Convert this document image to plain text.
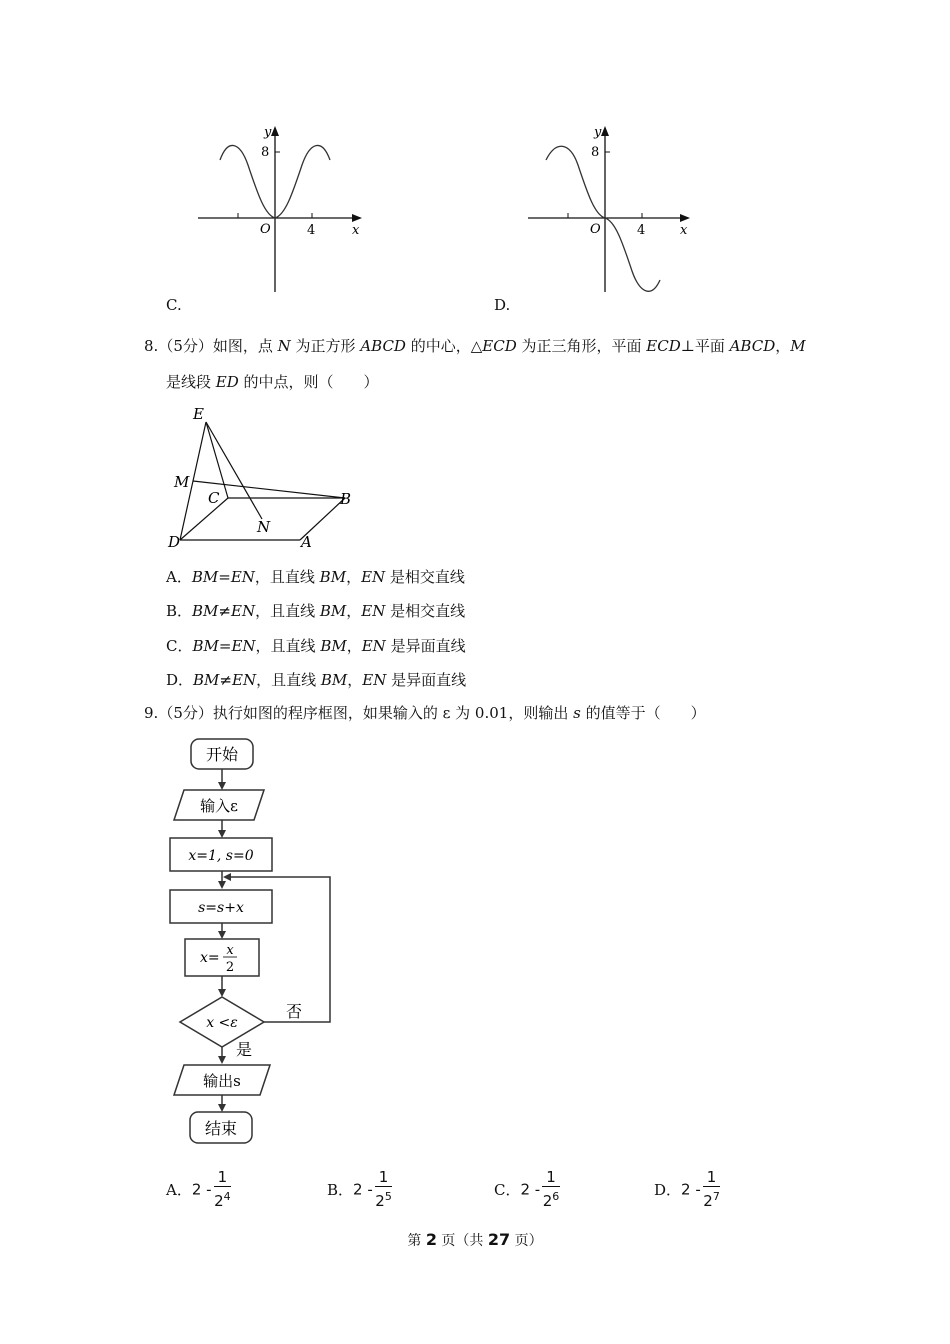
y
8
O	4	x
C.
y
8
O	4	x
D.
8.（5分）如图，点 N 为正方形 ABCD 的中心，△ECD 为正三角形，平面 ECD⊥平面 ABCD，M
是线段 ED 的中点，则（　　）
E
M
C	B
N
D	A
A．BM=EN，且直线 BM，EN 是相交直线
B．BM≠EN，且直线 BM，EN 是相交直线
C．BM=EN，且直线 BM，EN 是异面直线
D．BM≠EN，且直线 BM，EN 是异面直线
9.（5分）执行如图的程序框图，如果输入的 ε 为 0.01，则输出 s 的值等于（　　）
开始
输入ε
x=1, s=0
s=s+x
x= x
2
x <ε
否
是
输出s
结束
A．$2 - \frac{1}{2^4}$	B．$2 - \frac{1}{2^5}$	C．$2 - \frac{1}{2^6}$	D．$2 - \frac{1}{2^7}$
第 2 页（共 27 页）
